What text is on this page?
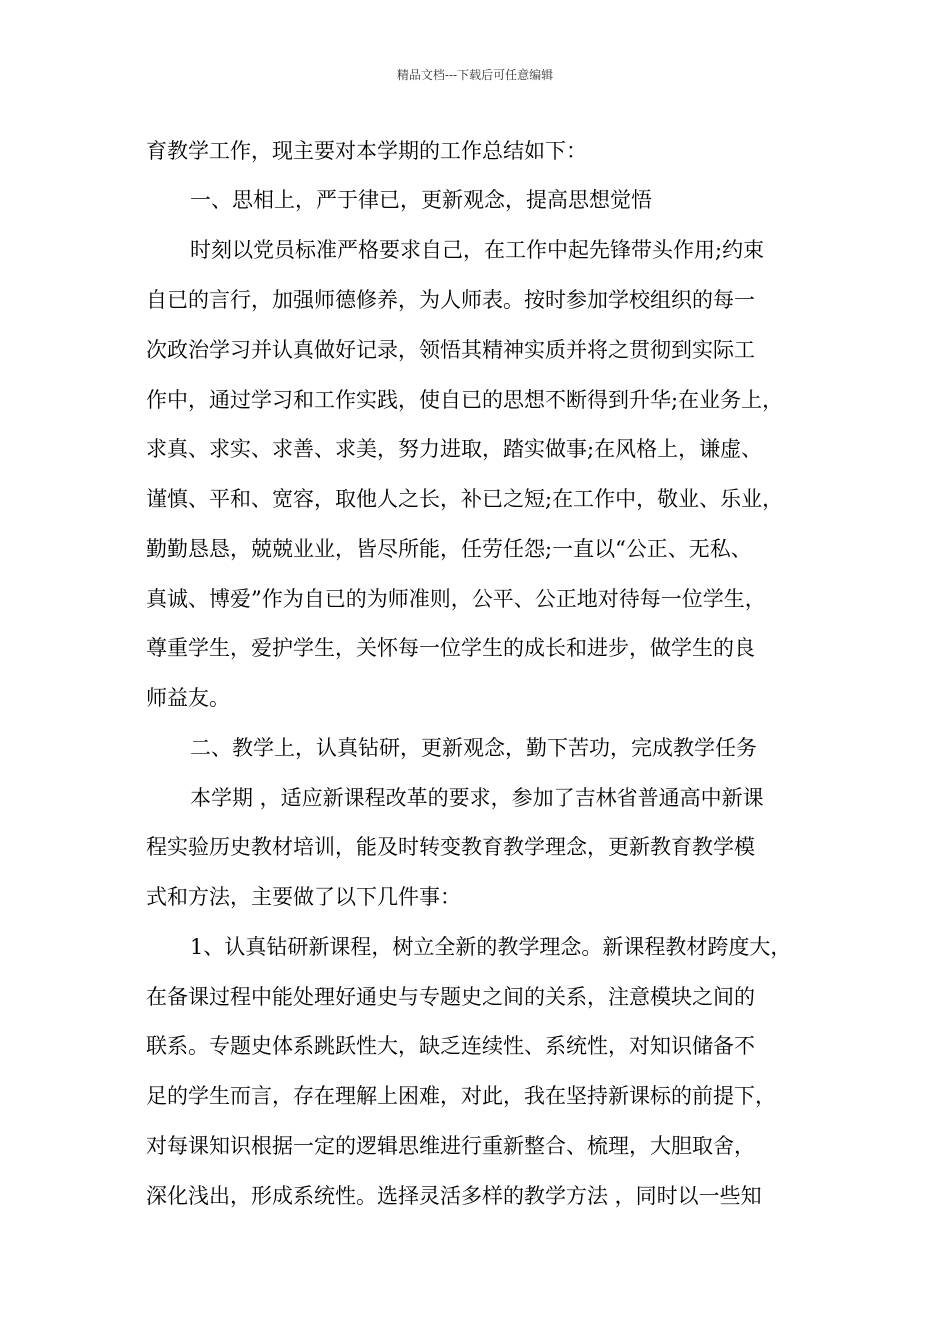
精品文档---下载后可任意编辑
育教学工作，现主要对本学期的工作总结如下：
一、思相上，严于律已，更新观念，提高思想觉悟
时刻以党员标准严格要求自己，在工作中起先锋带头作用;约束
自已的言行，加强师德修养，为人师表。按时参加学校组织的每一
次政治学习并认真做好记录，领悟其精神实质并将之贯彻到实际工
作中，通过学习和工作实践，使自已的思想不断得到升华;在业务上，
求真、求实、求善、求美，努力进取，踏实做事;在风格上，谦虚、
谨慎、平和、宽容，取他人之长，补已之短;在工作中，敬业、乐业，
勤勤恳恳，兢兢业业，皆尽所能，任劳任怨;一直以“公正、无私、
真诚、博爱”作为自已的为师准则，公平、公正地对待每一位学生，
尊重学生，爱护学生，关怀每一位学生的成长和进步，做学生的良
师益友。
二、教学上，认真钻研，更新观念，勤下苦功，完成教学任务
本学期 ，适应新课程改革的要求，参加了吉林省普通高中新课
程实验历史教材培训，能及时转变教育教学理念，更新教育教学模
式和方法，主要做了以下几件事：
1、认真钻研新课程，树立全新的教学理念。新课程教材跨度大，
在备课过程中能处理好通史与专题史之间的关系，注意模块之间的
联系。专题史体系跳跃性大，缺乏连续性、系统性，对知识储备不
足的学生而言，存在理解上困难，对此，我在坚持新课标的前提下，
对每课知识根据一定的逻辑思维进行重新整合、梳理，大胆取舍，
深化浅出，形成系统性。选择灵活多样的教学方法 ，同时以一些知
